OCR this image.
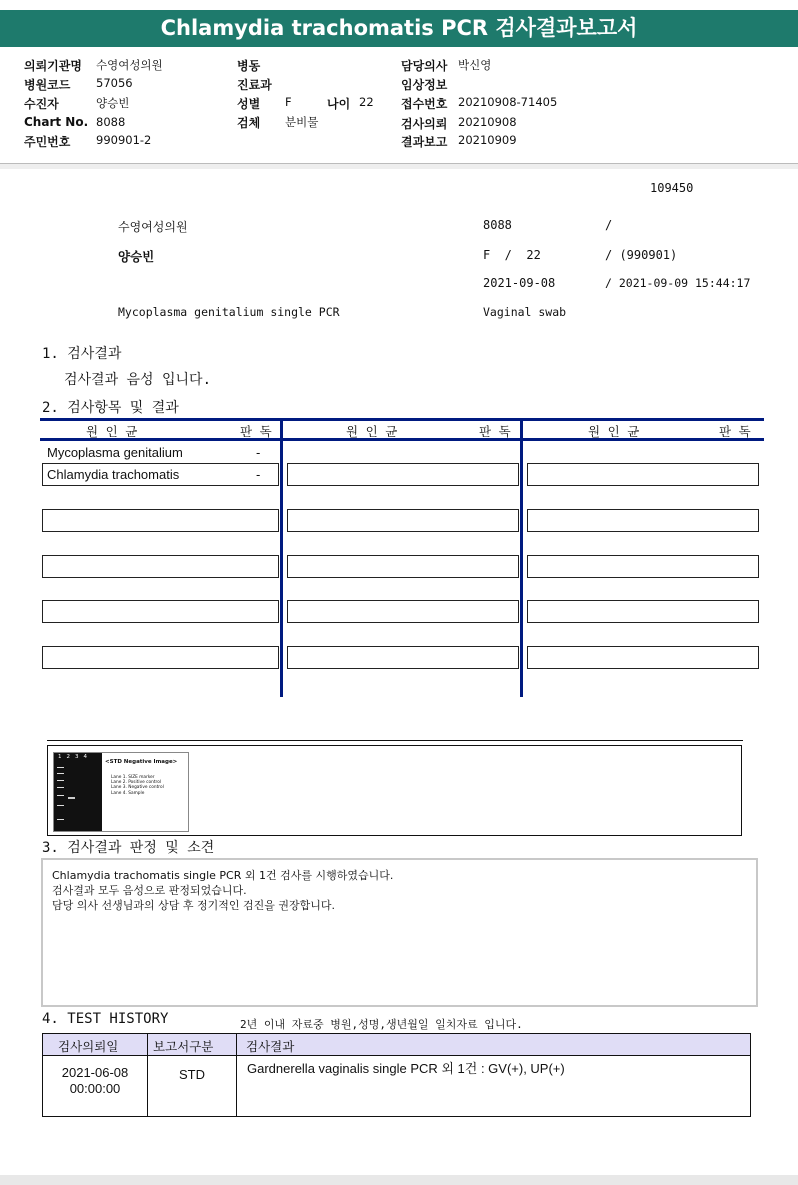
Chlamydia trachomatis PCR 검사결과보고서
의뢰기관명 수영여성의원
병원코드 57056
수진자	양승빈
Chart No. 8088
주민번호 990901-2
병동
진료과
성별 F	나이 22
검체 분비물
담당의사 박신영
임상정보
접수번호 20210908-71405
검사의뢰 20210908
결과보고 20210909
109450
수영여성의원	8088	/
양승빈	F  /  22	/ (990901)
2021-09-08	/ 2021-09-09 15:44:17
Mycoplasma genitalium single PCR	Vaginal swab
1. 검사결과
검사결과 음성 입니다.
2. 검사항목 및 결과
원 인 균	판 독	원 인 균	판 독	원 인 균	판 독
Mycoplasma genitalium	-
Chlamydia trachomatis	-
1234
<STD Negative Image>
Lane 1. SIZE marker
Lane 2. Positive control
Lane 3. Negative control
Lane 4. Sample
3. 검사결과 판정 및 소견
Chlamydia trachomatis single PCR 외 1건 검사를 시행하였습니다.
검사결과 모두 음성으로 판정되었습니다.
담당 의사 선생님과의 상담 후 정기적인 검진을 권장합니다.
4. TEST HISTORY	2년 이내 자료중 병원,성명,생년월일 일치자료 입니다.
검사의뢰일	보고서구분	검사결과
2021-06-08
00:00:00
STD	Gardnerella vaginalis single PCR 외 1건 : GV(+), UP(+)
